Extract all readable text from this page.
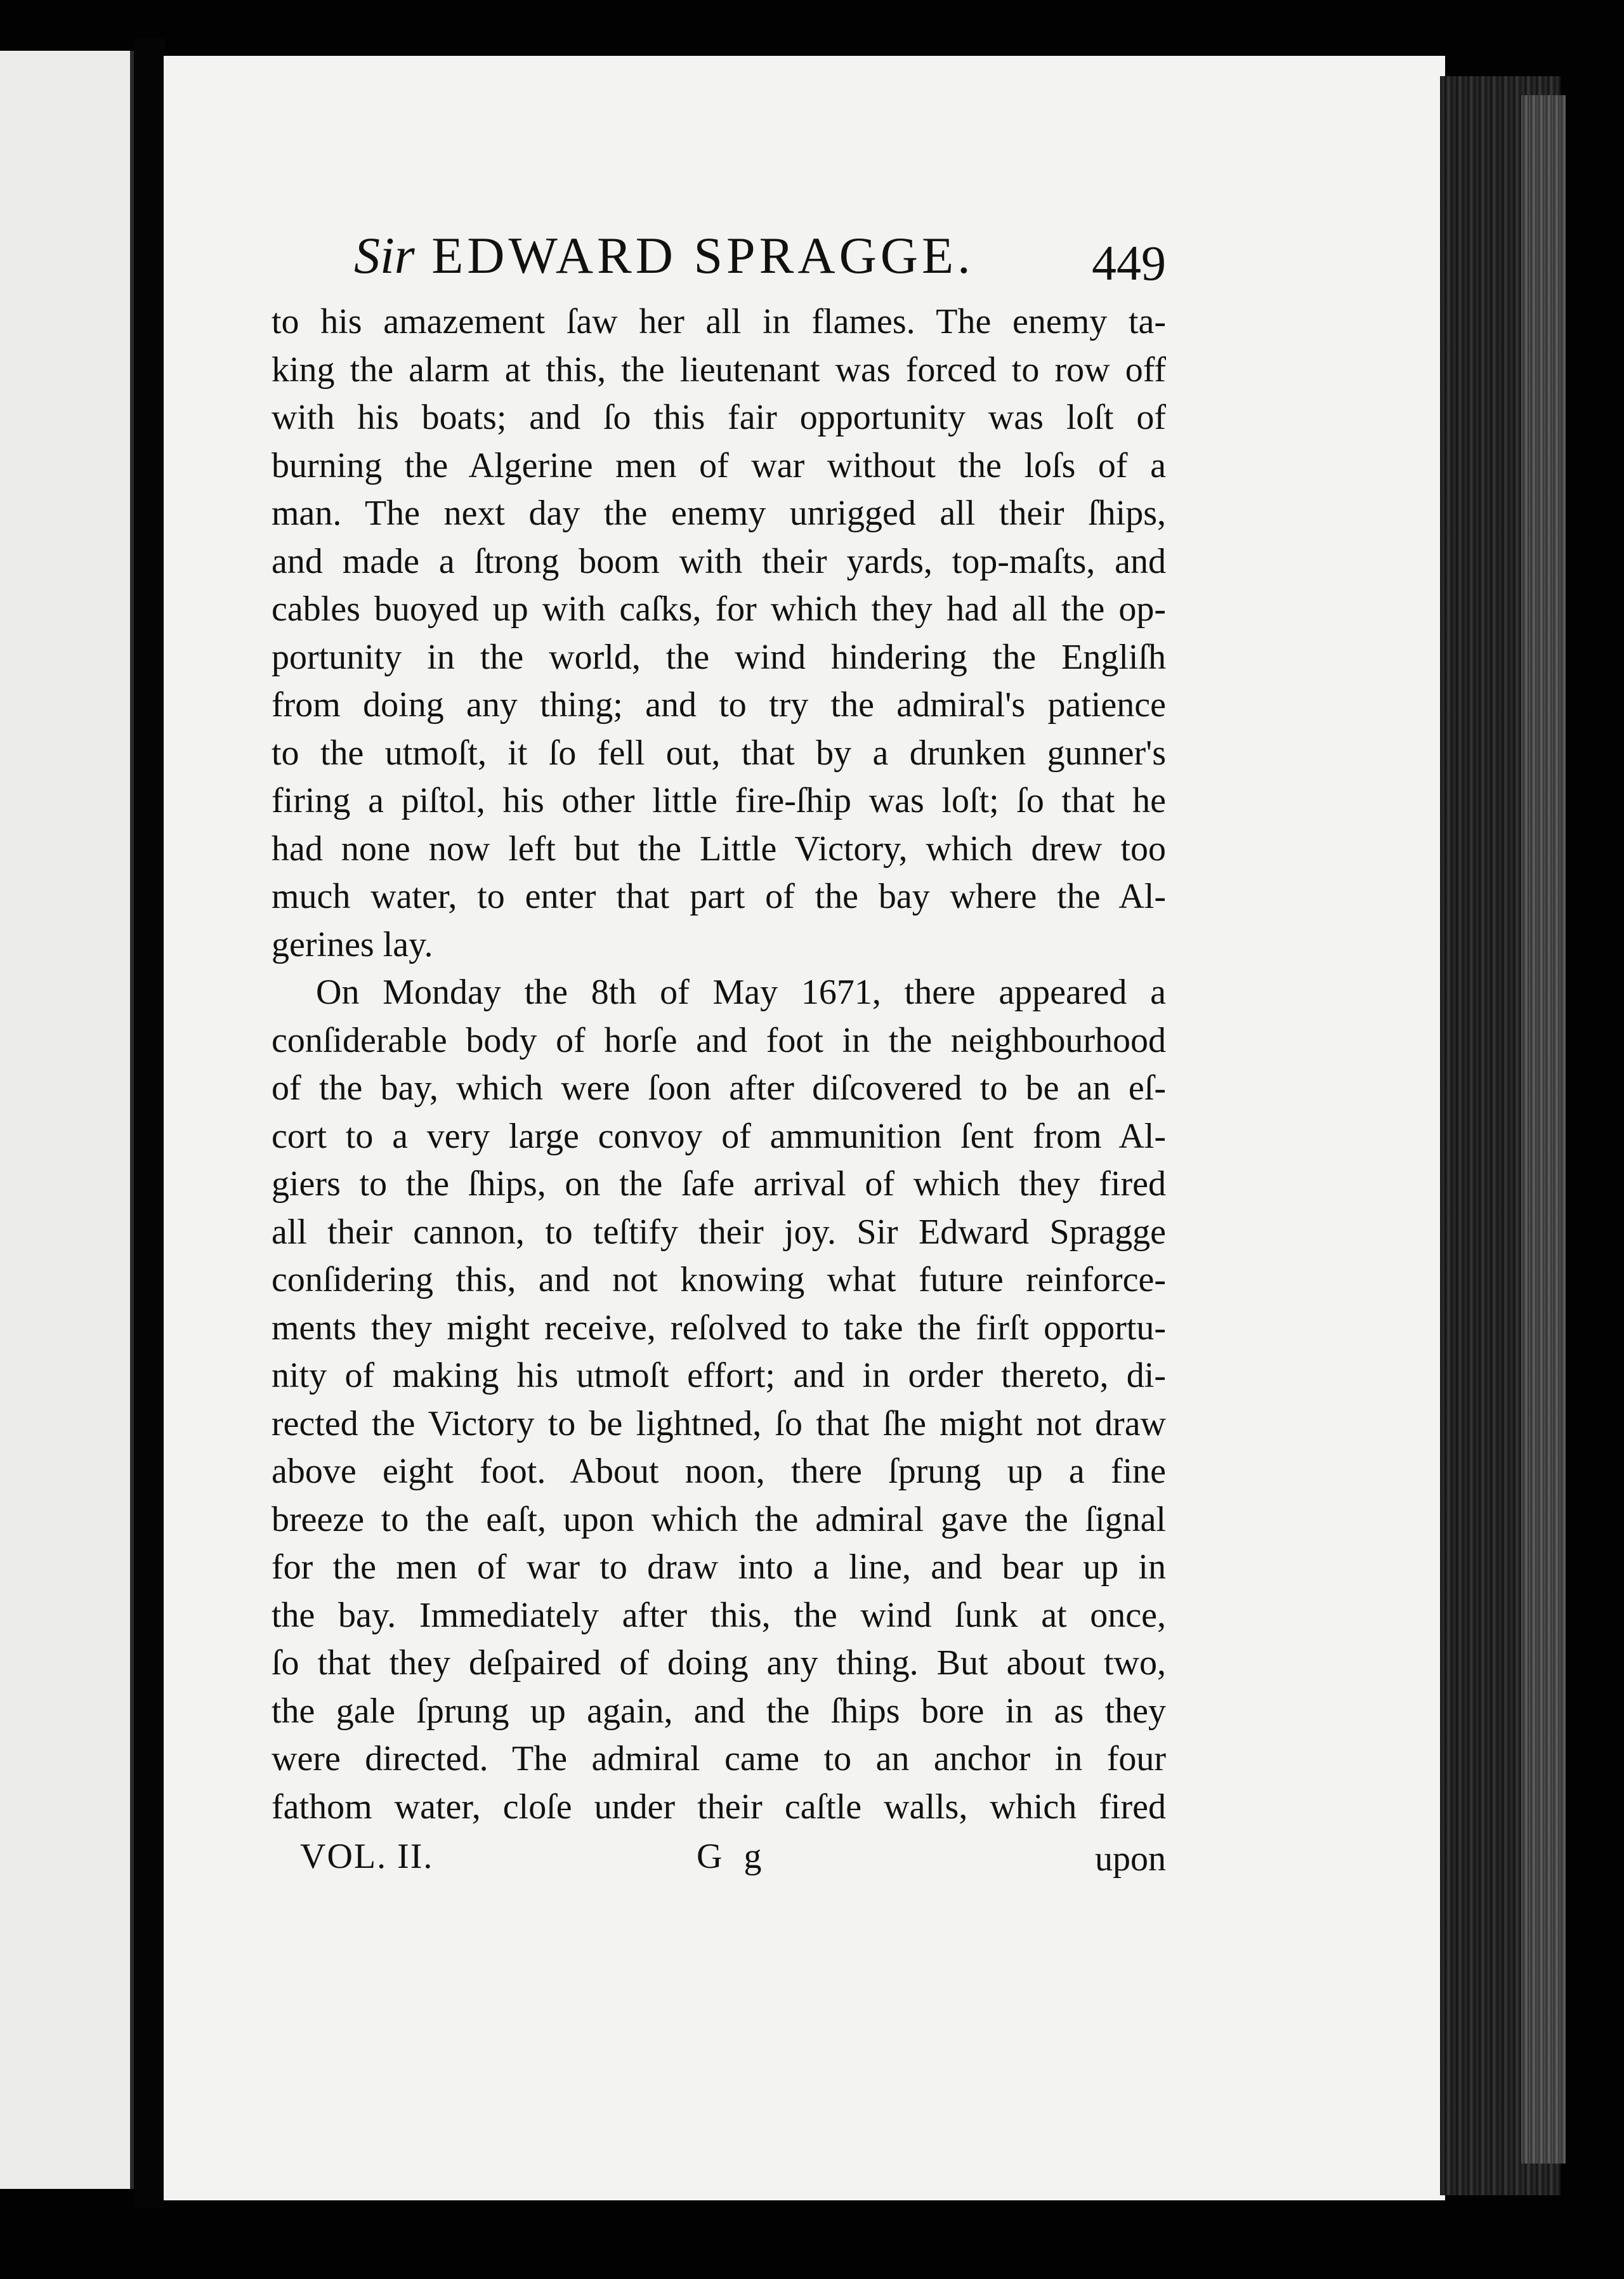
Sir EDWARD SPRAGGE. 449
to his amazement ſaw her all in flames. The enemy ta-
king the alarm at this, the lieutenant was forced to row off
with his boats; and ſo this fair opportunity was loſt of
burning the Algerine men of war without the loſs of a
man. The next day the enemy unrigged all their ſhips,
and made a ſtrong boom with their yards, top-maſts, and
cables buoyed up with caſks, for which they had all the op-
portunity in the world, the wind hindering the Engliſh
from doing any thing; and to try the admiral's patience
to the utmoſt, it ſo fell out, that by a drunken gunner's
firing a piſtol, his other little fire-ſhip was loſt; ſo that he
had none now left but the Little Victory, which drew too
much water, to enter that part of the bay where the Al-
gerines lay.
On Monday the 8th of May 1671, there appeared a
conſiderable body of horſe and foot in the neighbourhood
of the bay, which were ſoon after diſcovered to be an eſ-
cort to a very large convoy of ammunition ſent from Al-
giers to the ſhips, on the ſafe arrival of which they fired
all their cannon, to teſtify their joy. Sir Edward Spragge
conſidering this, and not knowing what future reinforce-
ments they might receive, reſolved to take the firſt opportu-
nity of making his utmoſt effort; and in order thereto, di-
rected the Victory to be lightned, ſo that ſhe might not draw
above eight foot. About noon, there ſprung up a fine
breeze to the eaſt, upon which the admiral gave the ſignal
for the men of war to draw into a line, and bear up in
the bay. Immediately after this, the wind ſunk at once,
ſo that they deſpaired of doing any thing. But about two,
the gale ſprung up again, and the ſhips bore in as they
were directed. The admiral came to an anchor in four
fathom water, cloſe under their caſtle walls, which fired
VOL. II.	G g	upon
